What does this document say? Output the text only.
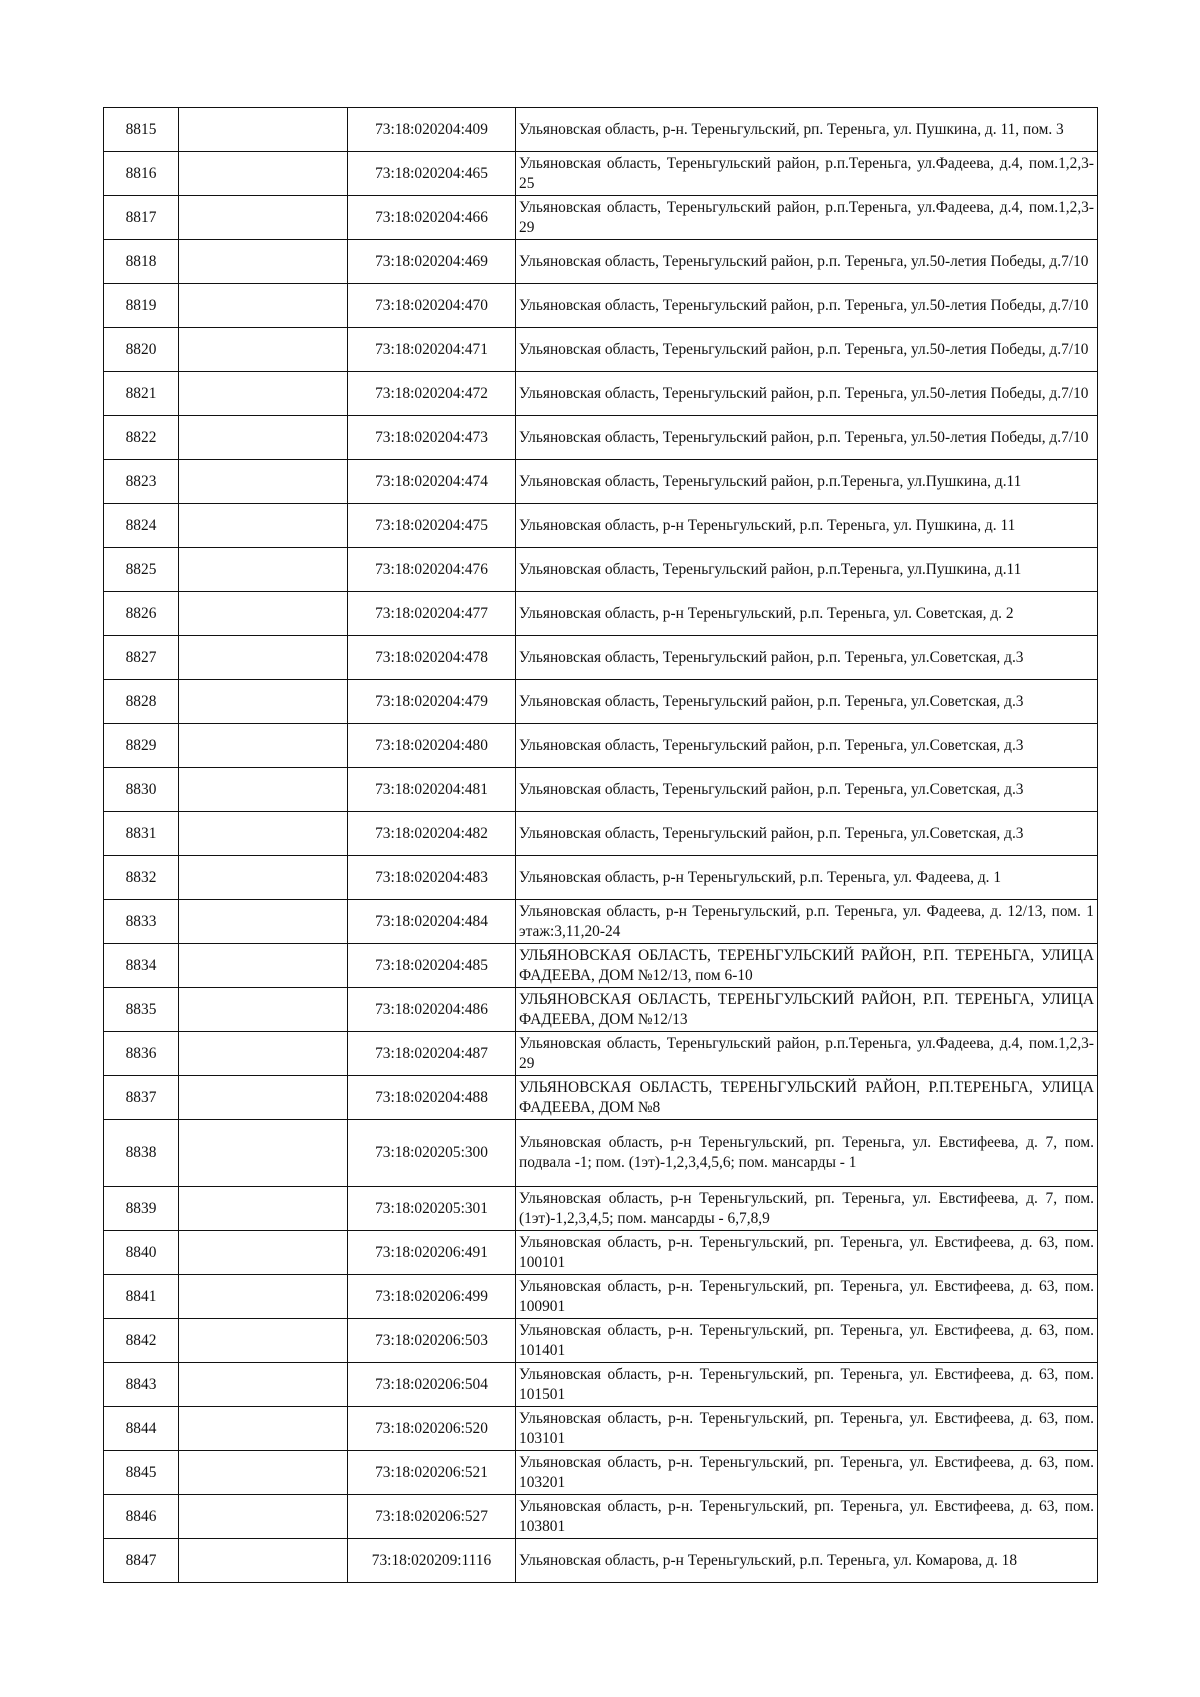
8815		73:18:020204:409	Ульяновская область, р-н. Тереньгульский, рп. Тереньга, ул. Пушкина, д. 11, пом. 3
8816		73:18:020204:465	Ульяновская область, Тереньгульский район, р.п.Тереньга, ул.Фадеева, д.4, пом.1,2,3-25
8817		73:18:020204:466	Ульяновская область, Тереньгульский район, р.п.Тереньга, ул.Фадеева, д.4, пом.1,2,3-29
8818		73:18:020204:469	Ульяновская область, Тереньгульский район, р.п. Тереньга, ул.50-летия Победы, д.7/10
8819		73:18:020204:470	Ульяновская область, Тереньгульский район, р.п. Тереньга, ул.50-летия Победы, д.7/10
8820		73:18:020204:471	Ульяновская область, Тереньгульский район, р.п. Тереньга, ул.50-летия Победы, д.7/10
8821		73:18:020204:472	Ульяновская область, Тереньгульский район, р.п. Тереньга, ул.50-летия Победы, д.7/10
8822		73:18:020204:473	Ульяновская область, Тереньгульский район, р.п. Тереньга, ул.50-летия Победы, д.7/10
8823		73:18:020204:474	Ульяновская область, Тереньгульский район, р.п.Тереньга, ул.Пушкина, д.11
8824		73:18:020204:475	Ульяновская область, р-н Тереньгульский, р.п. Тереньга, ул. Пушкина, д. 11
8825		73:18:020204:476	Ульяновская область, Тереньгульский район, р.п.Тереньга, ул.Пушкина, д.11
8826		73:18:020204:477	Ульяновская область, р-н Тереньгульский, р.п. Тереньга, ул. Советская, д. 2
8827		73:18:020204:478	Ульяновская область, Тереньгульский район, р.п. Тереньга, ул.Советская, д.3
8828		73:18:020204:479	Ульяновская область, Тереньгульский район, р.п. Тереньга, ул.Советская, д.3
8829		73:18:020204:480	Ульяновская область, Тереньгульский район, р.п. Тереньга, ул.Советская, д.3
8830		73:18:020204:481	Ульяновская область, Тереньгульский район, р.п. Тереньга, ул.Советская, д.3
8831		73:18:020204:482	Ульяновская область, Тереньгульский район, р.п. Тереньга, ул.Советская, д.3
8832		73:18:020204:483	Ульяновская область, р-н Тереньгульский, р.п. Тереньга, ул. Фадеева, д. 1
8833		73:18:020204:484	Ульяновская область, р-н Тереньгульский, р.п. Тереньга, ул. Фадеева, д. 12/13, пом. 1 этаж:3,11,20-24
8834		73:18:020204:485	УЛЬЯНОВСКАЯ ОБЛАСТЬ, ТЕРЕНЬГУЛЬСКИЙ РАЙОН, Р.П. ТЕРЕНЬГА, УЛИЦА ФАДЕЕВА, ДОМ №12/13, пом 6-10
8835		73:18:020204:486	УЛЬЯНОВСКАЯ ОБЛАСТЬ, ТЕРЕНЬГУЛЬСКИЙ РАЙОН, Р.П. ТЕРЕНЬГА, УЛИЦА ФАДЕЕВА, ДОМ №12/13
8836		73:18:020204:487	Ульяновская область, Тереньгульский район, р.п.Тереньга, ул.Фадеева, д.4, пом.1,2,3-29
8837		73:18:020204:488	УЛЬЯНОВСКАЯ ОБЛАСТЬ, ТЕРЕНЬГУЛЬСКИЙ РАЙОН, Р.П.ТЕРЕНЬГА, УЛИЦА ФАДЕЕВА, ДОМ №8
8838		73:18:020205:300	Ульяновская область, р-н Тереньгульский, рп. Тереньга, ул. Евстифеева, д. 7, пом. подвала -1; пом. (1эт)-1,2,3,4,5,6; пом. мансарды - 1
8839		73:18:020205:301	Ульяновская область, р-н Тереньгульский, рп. Тереньга, ул. Евстифеева, д. 7, пом. (1эт)-1,2,3,4,5; пом. мансарды - 6,7,8,9
8840		73:18:020206:491	Ульяновская область, р-н. Тереньгульский, рп. Тереньга, ул. Евстифеева, д. 63, пом. 100101
8841		73:18:020206:499	Ульяновская область, р-н. Тереньгульский, рп. Тереньга, ул. Евстифеева, д. 63, пом. 100901
8842		73:18:020206:503	Ульяновская область, р-н. Тереньгульский, рп. Тереньга, ул. Евстифеева, д. 63, пом. 101401
8843		73:18:020206:504	Ульяновская область, р-н. Тереньгульский, рп. Тереньга, ул. Евстифеева, д. 63, пом. 101501
8844		73:18:020206:520	Ульяновская область, р-н. Тереньгульский, рп. Тереньга, ул. Евстифеева, д. 63, пом. 103101
8845		73:18:020206:521	Ульяновская область, р-н. Тереньгульский, рп. Тереньга, ул. Евстифеева, д. 63, пом. 103201
8846		73:18:020206:527	Ульяновская область, р-н. Тереньгульский, рп. Тереньга, ул. Евстифеева, д. 63, пом. 103801
8847		73:18:020209:1116	Ульяновская область, р-н Тереньгульский, р.п. Тереньга, ул. Комарова, д. 18
